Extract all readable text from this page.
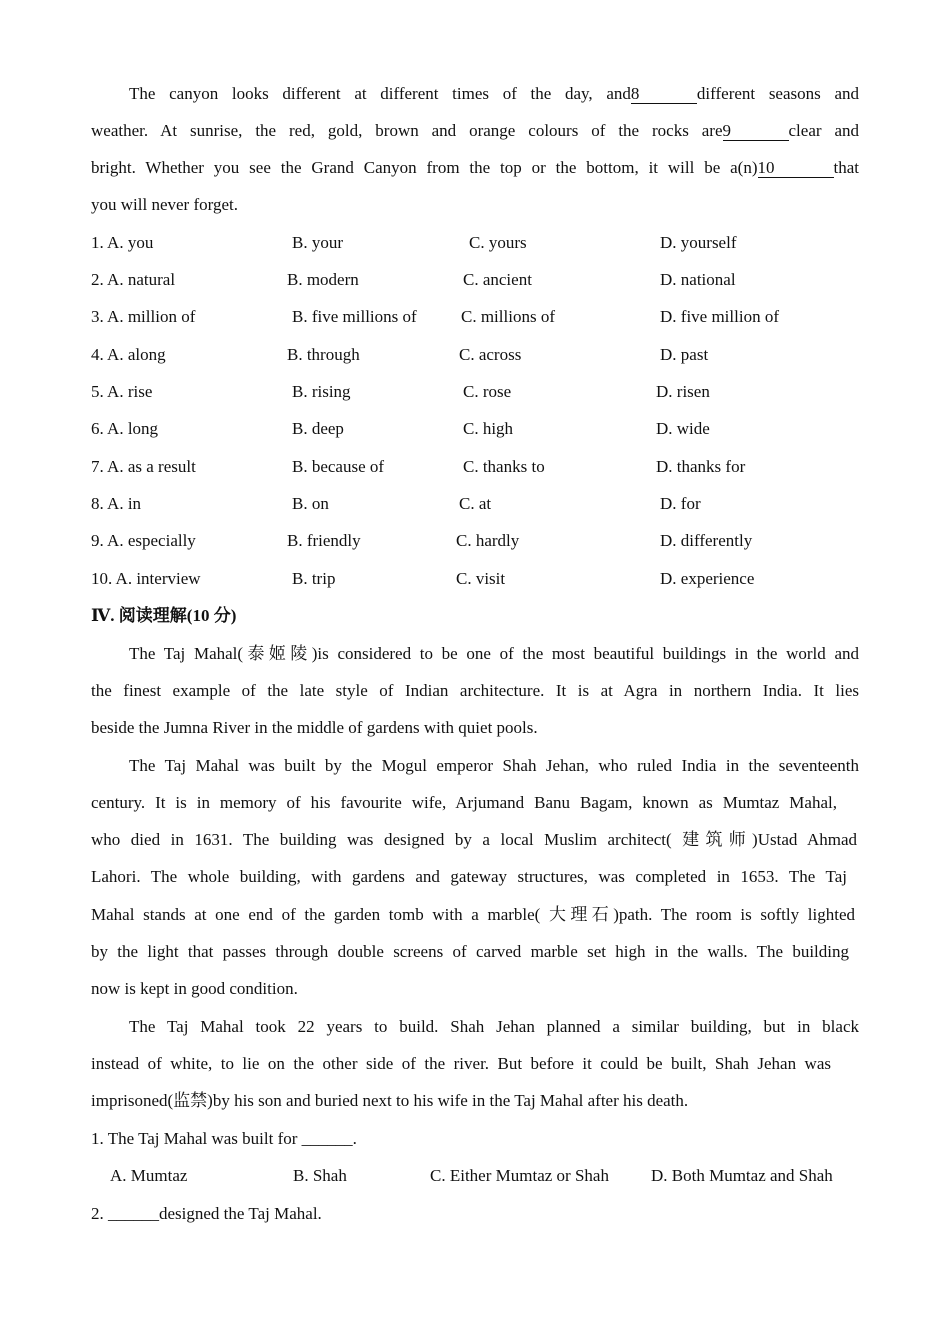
The canyon looks different at different times of the day, and8	different seasons and
weather. At sunrise, the red, gold, brown and orange colours of the rocks are9	clear and
bright. Whether you see the Grand Canyon from the top or the bottom, it will be a(n)10	that
you will never forget.
1. A. you	B. your	C. yours	D. yourself
2. A. natural	B. modern	C. ancient	D. national
3. A. million of	B. five millions of	C. millions of	D. five million of
4. A. along	B. through	C. across	D. past
5. A. rise	B. rising	C. rose	D. risen
6. A. long	B. deep	C. high	D. wide
7. A. as a result	B. because of	C. thanks to	D. thanks for
8. A. in	B. on	C. at	D. for
9. A. especially	B. friendly	C. hardly	D. differently
10. A. interview	B. trip	C. visit	D. experience
Ⅳ. 阅读理解(10 分)
The Taj Mahal(泰姬陵)is considered to be one of the most beautiful buildings in the world and
the finest example of the late style of Indian architecture. It is at Agra in northern India. It lies
beside the Jumna River in the middle of gardens with quiet pools.
The Taj Mahal was built by the Mogul emperor Shah Jehan, who ruled India in the seventeenth
century. It is in memory of his favourite wife, Arjumand Banu Bagam, known as Mumtaz Mahal,
who died in 1631. The building was designed by a local Muslim architect( 建筑师)Ustad Ahmad
Lahori. The whole building, with gardens and gateway structures, was completed in 1653. The Taj
Mahal stands at one end of the garden tomb with a marble( 大理石)path. The room is softly lighted
by the light that passes through double screens of carved marble set high in the walls. The building
now is kept in good condition.
The Taj Mahal took 22 years to build. Shah Jehan planned a similar building, but in black
instead of white, to lie on the other side of the river. But before it could be built, Shah Jehan was
imprisoned(监禁)by his son and buried next to his wife in the Taj Mahal after his death.
1. The Taj Mahal was built for ______.
A. Mumtaz	B. Shah	C. Either Mumtaz or Shah D. Both Mumtaz and Shah
2. ______designed the Taj Mahal.
